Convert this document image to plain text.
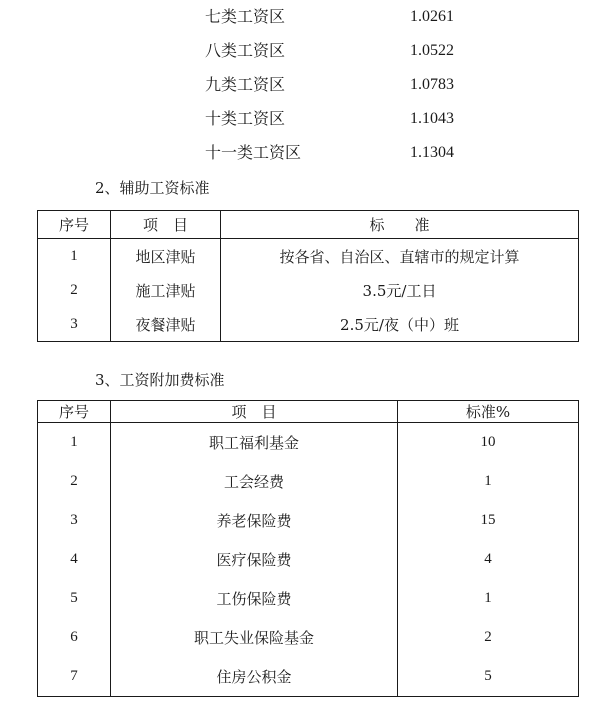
七类工资区	1.0261
八类工资区	1.0522
九类工资区	1.0783
十类工资区	1.1043
十一类工资区	1.1304
2、辅助工资标准
序号	项　目	标　　准
1	地区津贴	按各省、自治区、直辖市的规定计算
2	施工津贴	3.5元/工日
3	夜餐津贴	2.5元/夜（中）班
3、工资附加费标准
序号	项　目	标准%
1	职工福利基金	10
2	工会经费	1
3	养老保险费	15
4	医疗保险费	4
5	工伤保险费	1
6	职工失业保险基金	2
7	住房公积金	5
